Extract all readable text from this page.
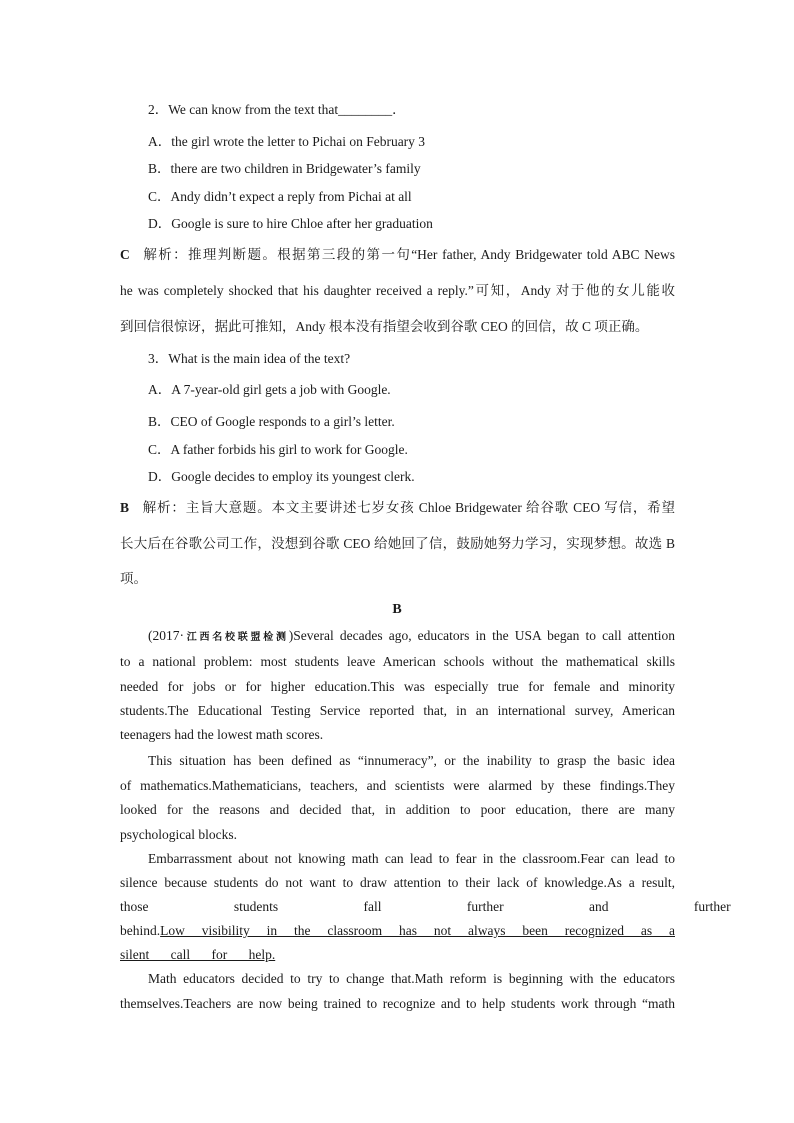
2．We can know from the text that________．
A．the girl wrote the letter to Pichai on February 3
B．there are two children in Bridgewater’s family
C．Andy didn’t expect a reply from Pichai at all
D．Google is sure to hire Chloe after her graduation
C 解析：推理判断题。根据第三段的第一句“Her father, Andy Bridgewater told ABC News
he was completely shocked that his daughter received a reply.”可知，Andy 对于他的女儿能收
到回信很惊讶，据此可推知，Andy 根本没有指望会收到谷歌 CEO 的回信，故 C 项正确。
3．What is the main idea of the text?
A．A 7-year-old girl gets a job with Google.
B．CEO of Google responds to a girl’s letter.
C．A father forbids his girl to work for Google.
D．Google decides to employ its youngest clerk.
B 解析：主旨大意题。本文主要讲述七岁女孩 Chloe Bridgewater 给谷歌 CEO 写信，希望
长大后在谷歌公司工作，没想到谷歌 CEO 给她回了信，鼓励她努力学习，实现梦想。故选 B
项。
B
(2017·江西名校联盟检测)Several decades ago, educators in the USA began to call attention
to a national problem: most students leave American schools without the mathematical skills
needed for jobs or for higher education.This was especially true for female and minority
students.The Educational Testing Service reported that, in an international survey, American
teenagers had the lowest math scores.
This situation has been defined as “innumeracy”, or the inability to grasp the basic idea
of mathematics.Mathematicians, teachers, and scientists were alarmed by these findings.They
looked for the reasons and decided that, in addition to poor education, there are many
psychological blocks.
Embarrassment about not knowing math can lead to fear in the classroom.Fear can lead to
silence because students do not want to draw attention to their lack of knowledge.As a result,
those students fall further and further
behind.Low visibility in the classroom has not always been recognized as a
silent call for help.
Math educators decided to try to change that.Math reform is beginning with the educators
themselves.Teachers are now being trained to recognize and to help students work through “math
